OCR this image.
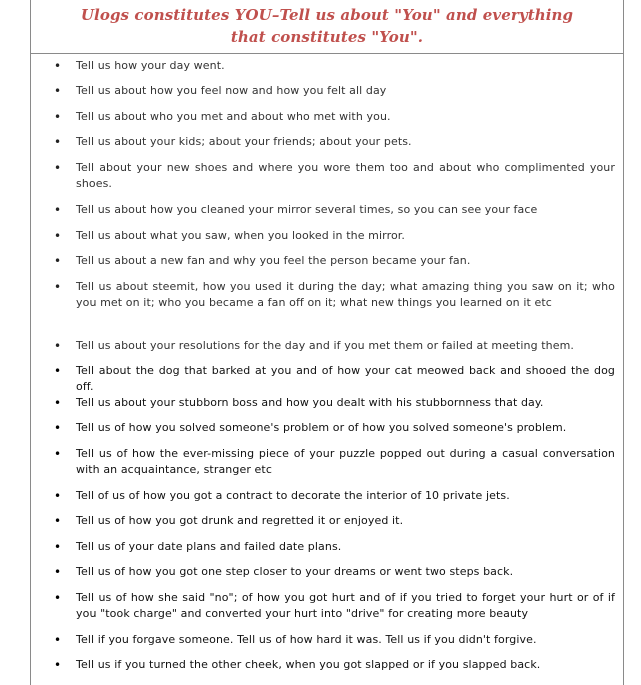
Ulogs constitutes YOU–Tell us about "You" and everything
that constitutes "You".
• Tell us how your day went.
• Tell us about how you feel now and how you felt all day
• Tell us about who you met and about who met with you.
• Tell us about your kids; about your friends; about your pets.
• Tell about your new shoes and where you wore them too and about who complimented your shoes.
• Tell us about how you cleaned your mirror several times, so you can see your face
• Tell us about what you saw, when you looked in the mirror.
• Tell us about a new fan and why you feel the person became your fan.
• Tell us about steemit, how you used it during the day; what amazing thing you saw on it; who you met on it; who you became a fan off on it; what new things you learned on it etc
• Tell us about your resolutions for the day and if you met them or failed at meeting them.
• Tell about the dog that barked at you and of how your cat meowed back and shooed the dog off.
• Tell us about your stubborn boss and how you dealt with his stubbornness that day.
• Tell us of how you solved someone's problem or of how you solved someone's problem.
• Tell us of how the ever-missing piece of your puzzle popped out during a casual conversation with an acquaintance, stranger etc
• Tell of us of how you got a contract to decorate the interior of 10 private jets.
• Tell us of how you got drunk and regretted it or enjoyed it.
• Tell us of your date plans and failed date plans.
• Tell us of how you got one step closer to your dreams or went two steps back.
• Tell us of how she said "no"; of how you got hurt and of if you tried to forget your hurt or of if you "took charge" and converted your hurt into "drive" for creating more beauty
• Tell if you forgave someone. Tell us of how hard it was. Tell us if you didn't forgive.
• Tell us if you turned the other cheek, when you got slapped or if you slapped back.
